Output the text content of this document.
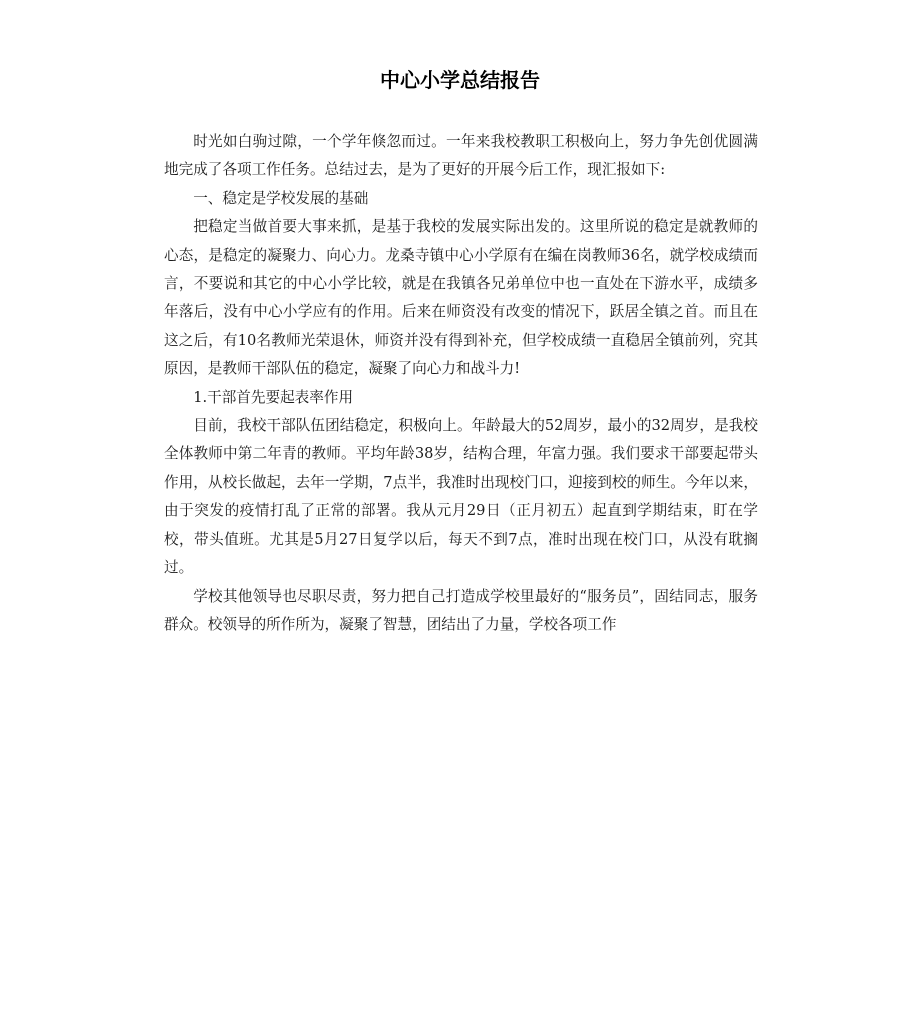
中心小学总结报告

时光如白驹过隙，一个学年倏忽而过。一年来我校教职工积极向上，努力争先创优圆满地完成了各项工作任务。总结过去，是为了更好的开展今后工作，现汇报如下:

一、稳定是学校发展的基础

把稳定当做首要大事来抓，是基于我校的发展实际出发的。这里所说的稳定是就教师的心态，是稳定的凝聚力、向心力。龙桑寺镇中心小学原有在编在岗教师36名，就学校成绩而言，不要说和其它的中心小学比较，就是在我镇各兄弟单位中也一直处在下游水平，成绩多年落后，没有中心小学应有的作用。后来在师资没有改变的情况下，跃居全镇之首。而且在这之后，有10名教师光荣退休，师资并没有得到补充，但学校成绩一直稳居全镇前列，究其原因，是教师干部队伍的稳定，凝聚了向心力和战斗力!

1.干部首先要起表率作用

目前，我校干部队伍团结稳定，积极向上。年龄最大的52周岁，最小的32周岁，是我校全体教师中第二年青的教师。平均年龄38岁，结构合理，年富力强。我们要求干部要起带头作用，从校长做起，去年一学期，7点半，我准时出现校门口，迎接到校的师生。今年以来，由于突发的疫情打乱了正常的部署。我从元月29日（正月初五）起直到学期结束，盯在学校，带头值班。尤其是5月27日复学以后，每天不到7点，准时出现在校门口，从没有耽搁过。

学校其他领导也尽职尽责，努力把自己打造成学校里最好的“服务员”，固结同志，服务群众。校领导的所作所为，凝聚了智慧，团结出了力量，学校各项工作
